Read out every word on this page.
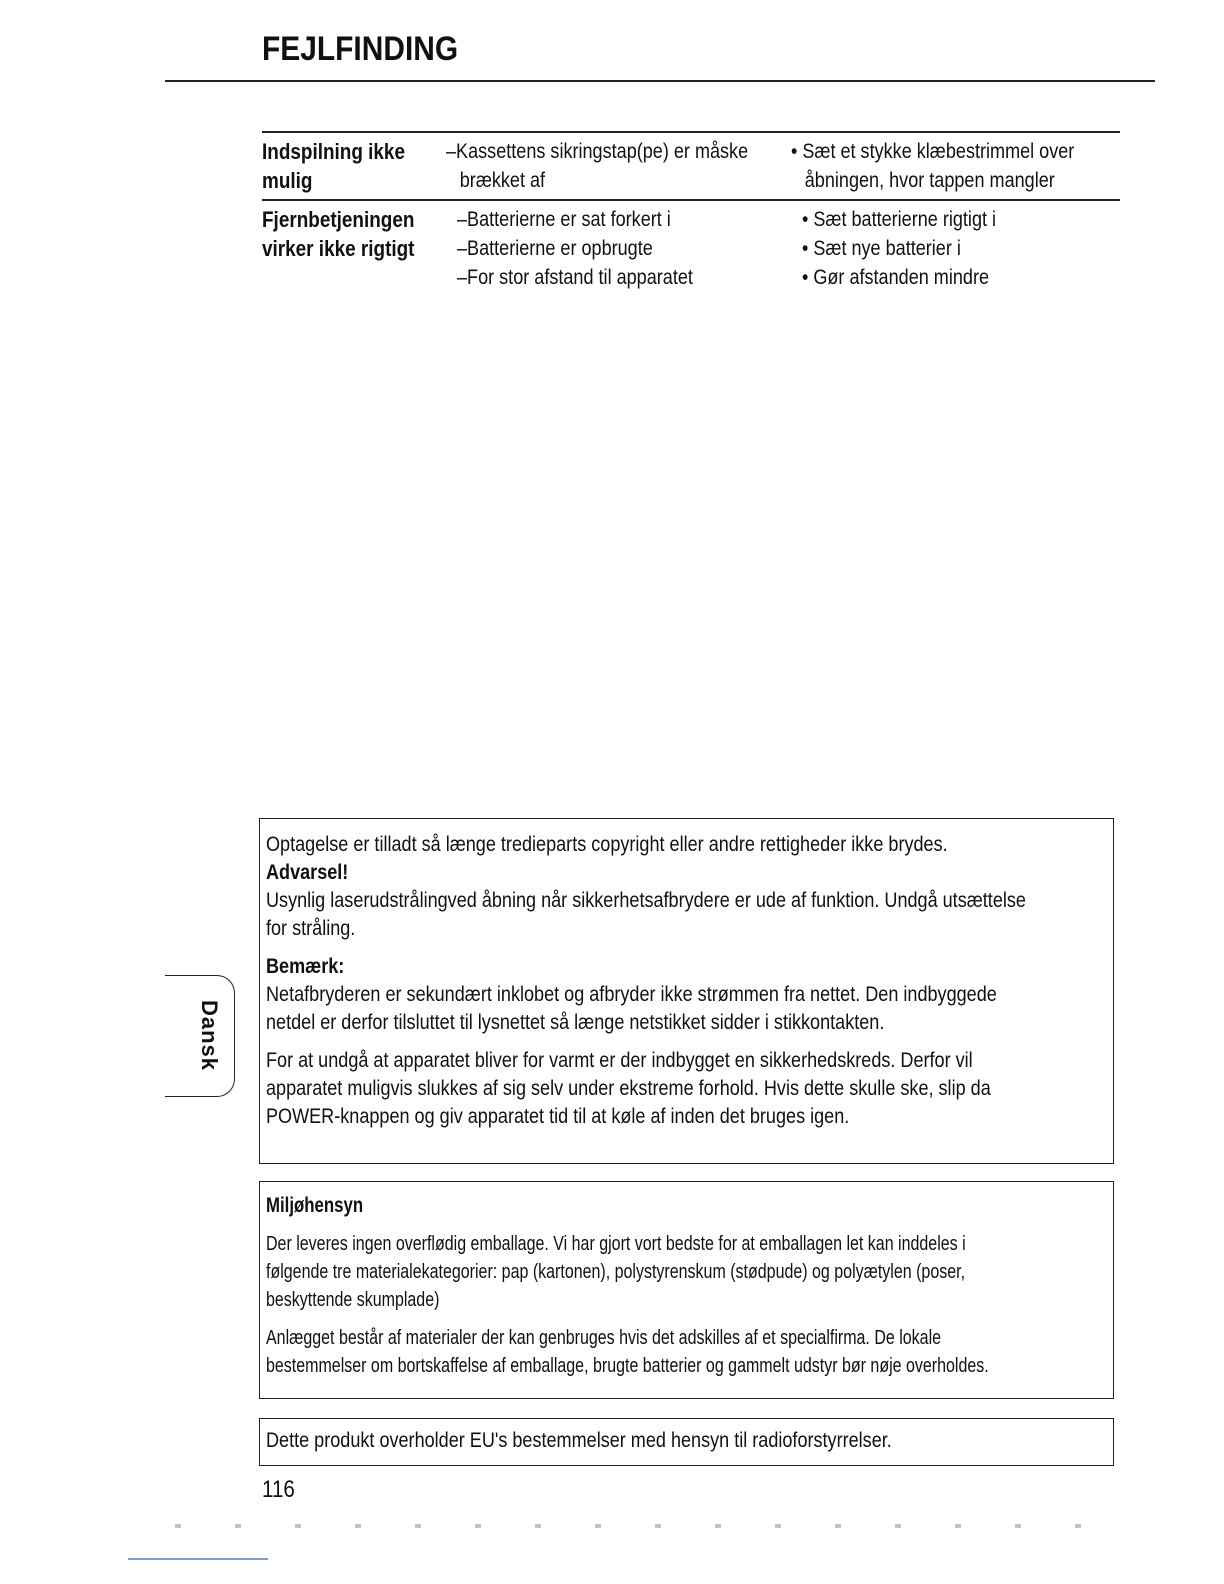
FEJLFINDING
Indspilning ikke
mulig
–Kassettens sikringstap(pe) er måske
brækket af
• Sæt et stykke klæbestrimmel over
åbningen, hvor tappen mangler
Fjernbetjeningen
virker ikke rigtigt
–Batterierne er sat forkert i
–Batterierne er opbrugte
–For stor afstand til apparatet
• Sæt batterierne rigtigt i
• Sæt nye batterier i
• Gør afstanden mindre
Optagelse er tilladt så længe tredieparts copyright eller andre rettigheder ikke brydes.
Advarsel!
Usynlig laserudstrålingved åbning når sikkerhetsafbrydere er ude af funktion. Undgå utsættelse
for stråling.
Bemærk:
Netafbryderen er sekundært inklobet og afbryder ikke strømmen fra nettet. Den indbyggede
netdel er derfor tilsluttet til lysnettet så længe netstikket sidder i stikkontakten.
For at undgå at apparatet bliver for varmt er der indbygget en sikkerhedskreds. Derfor vil
apparatet muligvis slukkes af sig selv under ekstreme forhold. Hvis dette skulle ske, slip da
POWER-knappen og giv apparatet tid til at køle af inden det bruges igen.
Miljøhensyn
Der leveres ingen overflødig emballage. Vi har gjort vort bedste for at emballagen let kan inddeles i
følgende tre materialekategorier: pap (kartonen), polystyrenskum (stødpude) og polyætylen (poser,
beskyttende skumplade)
Anlægget består af materialer der kan genbruges hvis det adskilles af et specialfirma. De lokale
bestemmelser om bortskaffelse af emballage, brugte batterier og gammelt udstyr bør nøje overholdes.
Dette produkt overholder EU's bestemmelser med hensyn til radioforstyrrelser.
Dansk
116
